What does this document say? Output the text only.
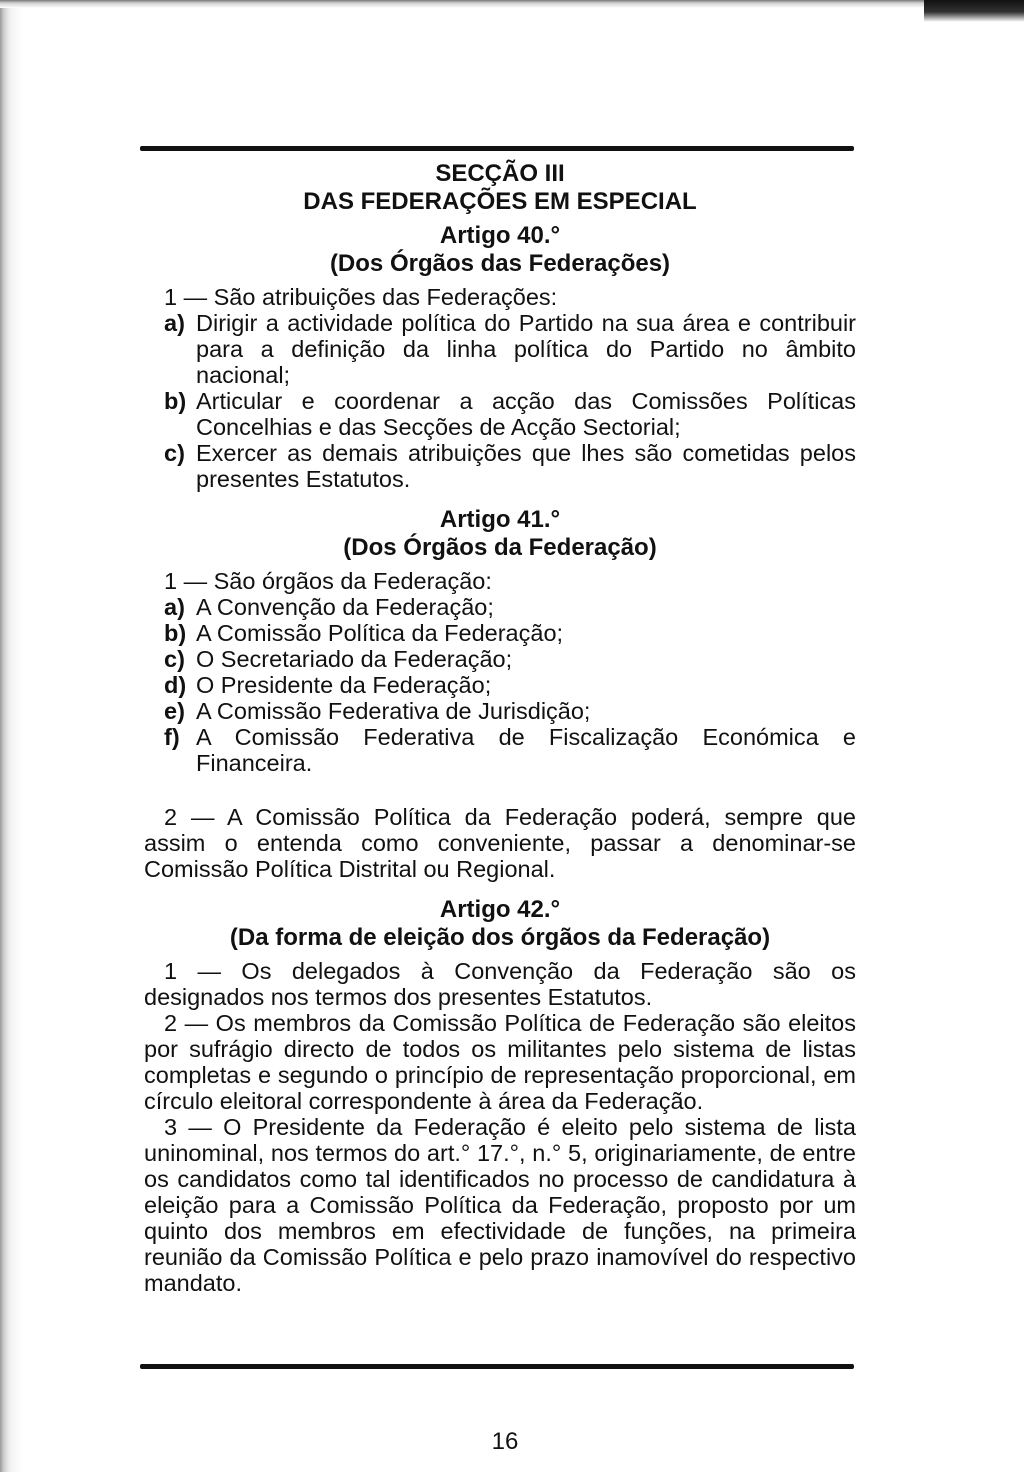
SECÇÃO III
DAS FEDERAÇÕES EM ESPECIAL
Artigo 40.°
(Dos Órgãos das Federações)
1 — São atribuições das Federações:
a) Dirigir a actividade política do Partido na sua área e contribuir para a definição da linha política do Partido no âmbito nacional;
b) Articular e coordenar a acção das Comissões Políticas Concelhias e das Secções de Acção Sectorial;
c) Exercer as demais atribuições que lhes são cometidas pelos presentes Estatutos.
Artigo 41.°
(Dos Órgãos da Federação)
1 — São órgãos da Federação:
a) A Convenção da Federação;
b) A Comissão Política da Federação;
c) O Secretariado da Federação;
d) O Presidente da Federação;
e) A Comissão Federativa de Jurisdição;
f) A Comissão Federativa de Fiscalização Económica e Financeira.
2 — A Comissão Política da Federação poderá, sempre que assim o entenda como conveniente, passar a denominar-se Comissão Política Distrital ou Regional.
Artigo 42.°
(Da forma de eleição dos órgãos da Federação)
1 — Os delegados à Convenção da Federação são os designados nos termos dos presentes Estatutos.
2 — Os membros da Comissão Política de Federação são eleitos por sufrágio directo de todos os militantes pelo sistema de listas completas e segundo o princípio de representação proporcional, em círculo eleitoral correspondente à área da Federação.
3 — O Presidente da Federação é eleito pelo sistema de lista uninominal, nos termos do art.° 17.°, n.° 5, originariamente, de entre os candidatos como tal identificados no processo de candidatura à eleição para a Comissão Política da Federação, proposto por um quinto dos membros em efectividade de funções, na primeira reunião da Comissão Política e pelo prazo inamovível do respectivo mandato.
16
